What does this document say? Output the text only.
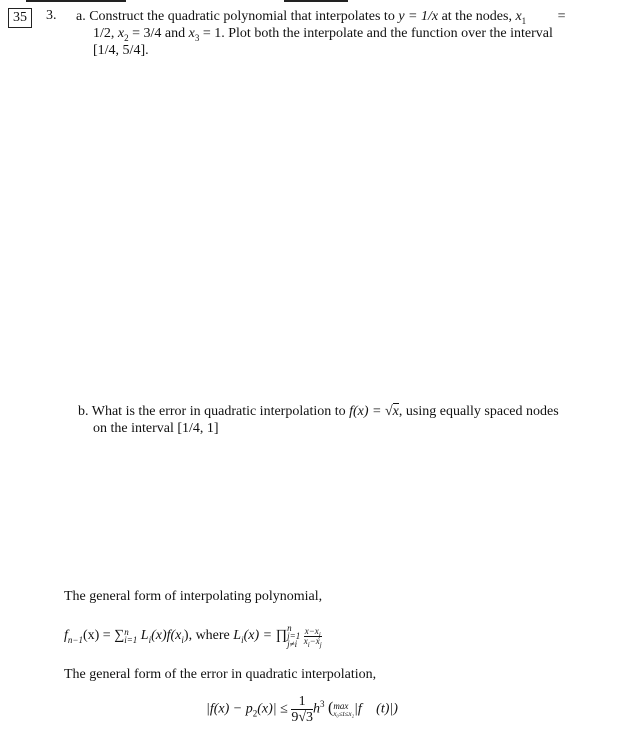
35	3. a. Construct the quadratic polynomial that interpolates to y = 1/x at the nodes, $x_1$ =
1/2, $x_2 = 3/4$ and $x_3 = 1$. Plot both the interpolate and the function over the interval
[1/4, 5/4].
b. What is the error in quadratic interpolation to f(x) = √x, using equally spaced nodes
on the interval [1/4, 1]
The general form of interpolating polynomial,
$f_{n-1}(x)$ = ∑ n
i=1 $L_i(x)f(x_i)$, where $L_i(x)$ = ∏
n
j=1
j≠i
$\frac{x-x_j}{x_i-x_j}$
The general form of the error in quadratic interpolation,
$|f(x) - p_2(x)| \le \frac{1}{9√3} h^3$ ( max
x₀≤t≤x₂ |f⃛ (t)|)
